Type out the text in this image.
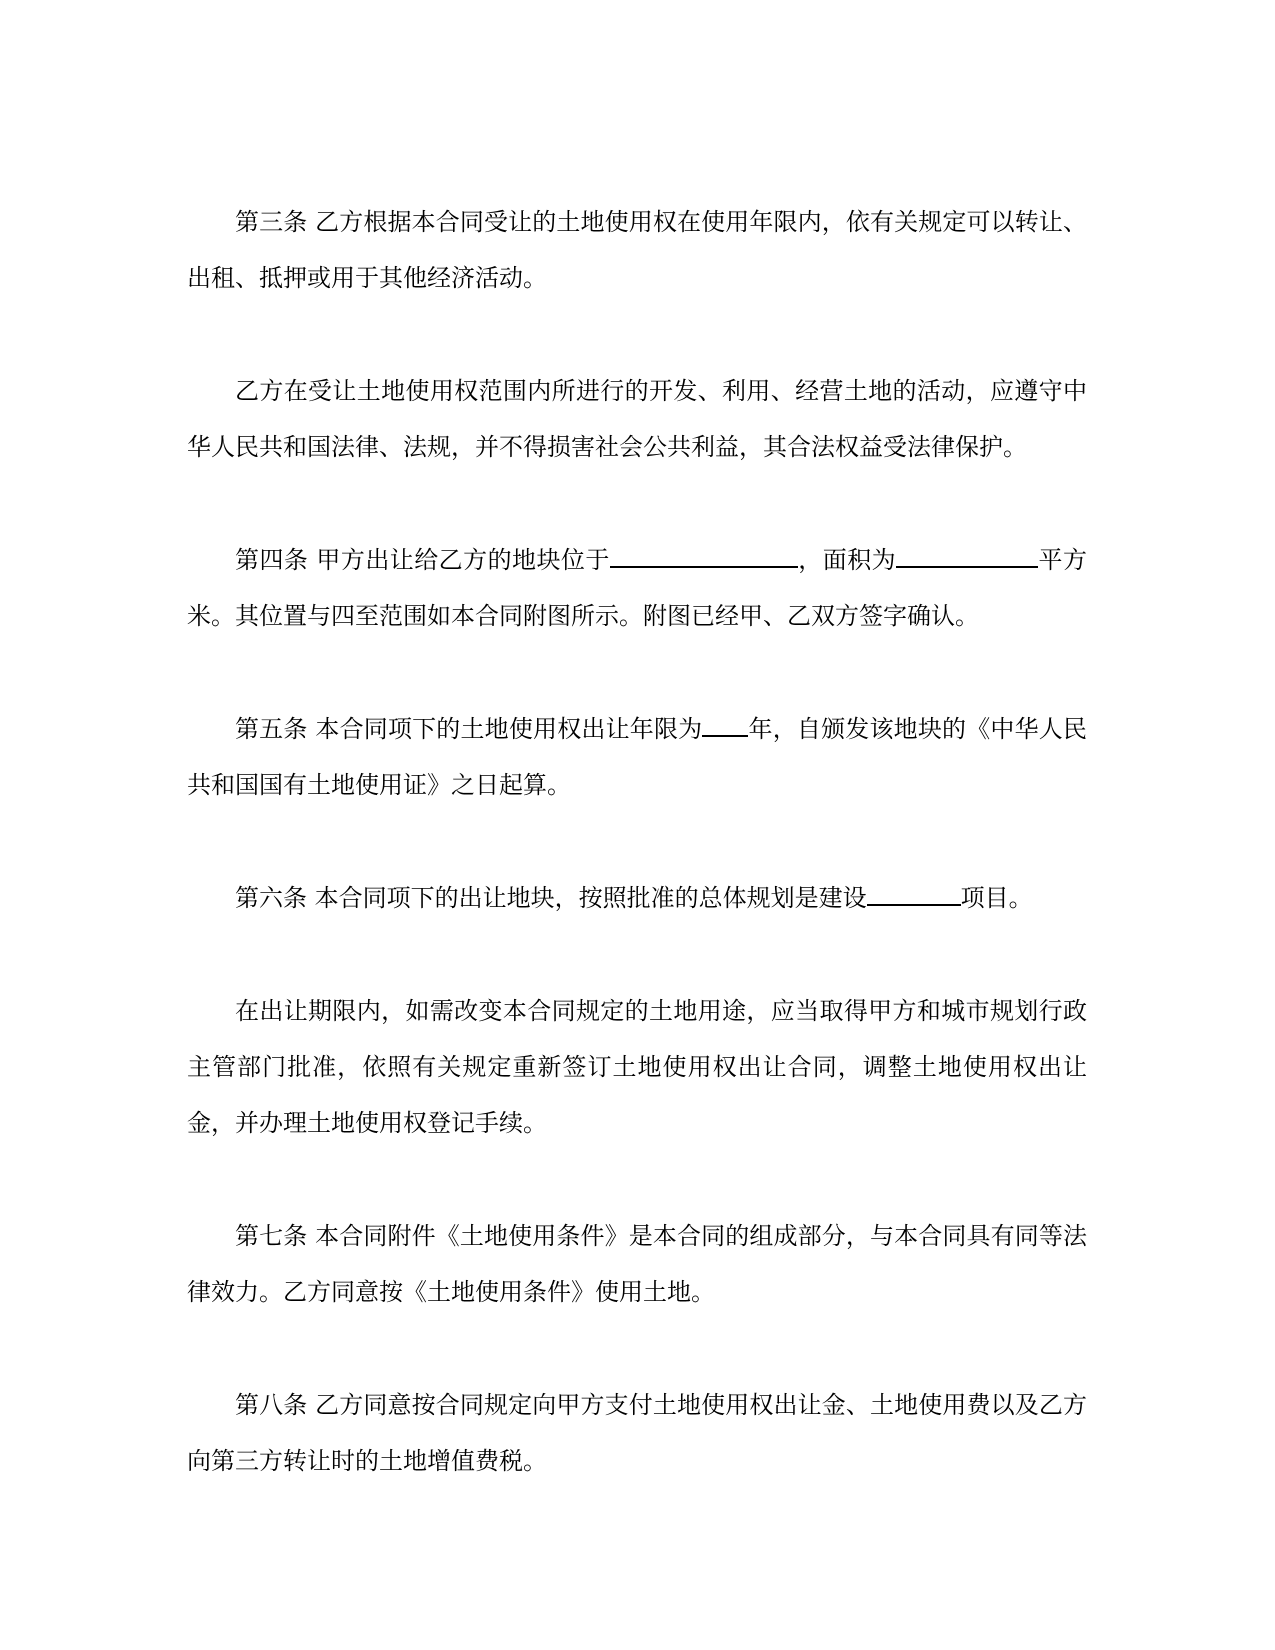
第三条 乙方根据本合同受让的土地使用权在使用年限内，依有关规定可以转让、出租、抵押或用于其他经济活动。

乙方在受让土地使用权范围内所进行的开发、利用、经营土地的活动，应遵守中华人民共和国法律、法规，并不得损害社会公共利益，其合法权益受法律保护。

第四条 甲方出让给乙方的地块位于	，面积为	平方米。其位置与四至范围如本合同附图所示。附图已经甲、乙双方签字确认。

第五条 本合同项下的土地使用权出让年限为 年，自颁发该地块的《中华人民共和国国有土地使用证》之日起算。

第六条 本合同项下的出让地块，按照批准的总体规划是建设	项目。

在出让期限内，如需改变本合同规定的土地用途，应当取得甲方和城市规划行政主管部门批准，依照有关规定重新签订土地使用权出让合同，调整土地使用权出让金，并办理土地使用权登记手续。

第七条 本合同附件《土地使用条件》是本合同的组成部分，与本合同具有同等法律效力。乙方同意按《土地使用条件》使用土地。

第八条 乙方同意按合同规定向甲方支付土地使用权出让金、土地使用费以及乙方向第三方转让时的土地增值费税。
